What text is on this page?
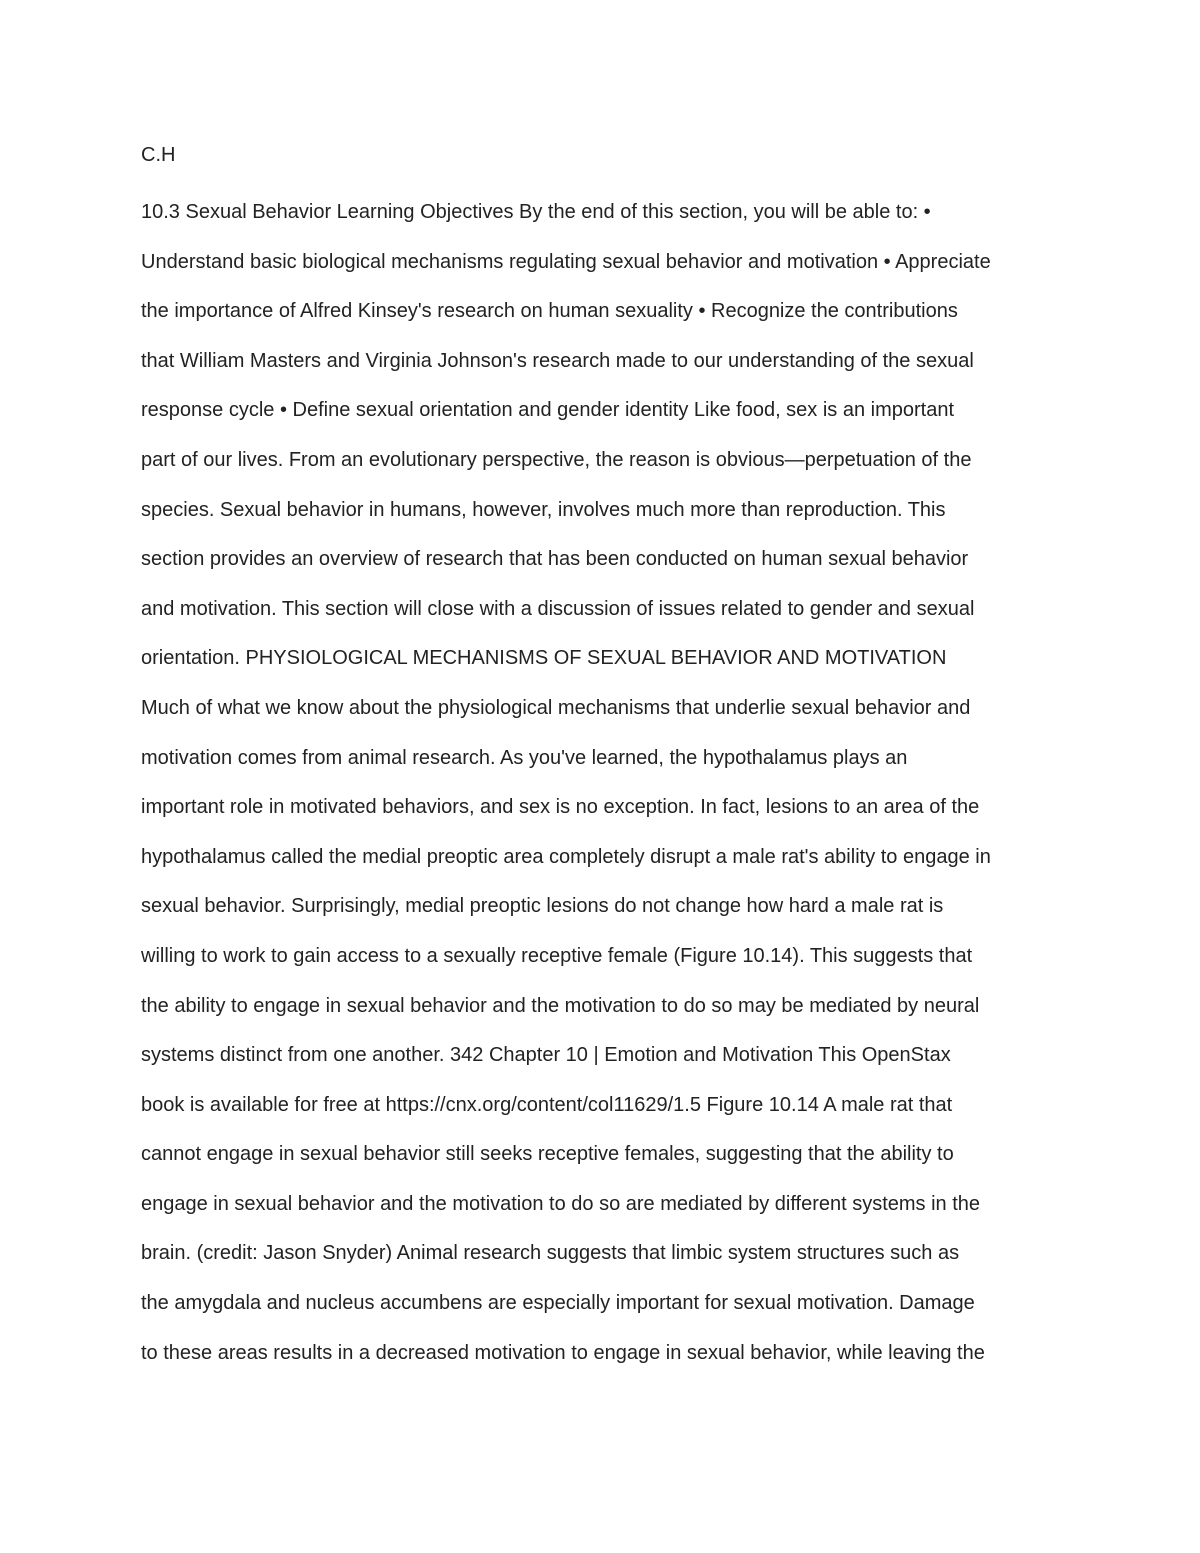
C.H

10.3 Sexual Behavior Learning Objectives By the end of this section, you will be able to: •
Understand basic biological mechanisms regulating sexual behavior and motivation • Appreciate
the importance of Alfred Kinsey's research on human sexuality • Recognize the contributions
that William Masters and Virginia Johnson's research made to our understanding of the sexual
response cycle • Define sexual orientation and gender identity Like food, sex is an important
part of our lives. From an evolutionary perspective, the reason is obvious—perpetuation of the
species. Sexual behavior in humans, however, involves much more than reproduction. This
section provides an overview of research that has been conducted on human sexual behavior
and motivation. This section will close with a discussion of issues related to gender and sexual
orientation. PHYSIOLOGICAL MECHANISMS OF SEXUAL BEHAVIOR AND MOTIVATION
Much of what we know about the physiological mechanisms that underlie sexual behavior and
motivation comes from animal research. As you've learned, the hypothalamus plays an
important role in motivated behaviors, and sex is no exception. In fact, lesions to an area of the
hypothalamus called the medial preoptic area completely disrupt a male rat's ability to engage in
sexual behavior. Surprisingly, medial preoptic lesions do not change how hard a male rat is
willing to work to gain access to a sexually receptive female (Figure 10.14). This suggests that
the ability to engage in sexual behavior and the motivation to do so may be mediated by neural
systems distinct from one another. 342 Chapter 10 | Emotion and Motivation This OpenStax
book is available for free at https://cnx.org/content/col11629/1.5 Figure 10.14 A male rat that
cannot engage in sexual behavior still seeks receptive females, suggesting that the ability to
engage in sexual behavior and the motivation to do so are mediated by different systems in the
brain. (credit: Jason Snyder) Animal research suggests that limbic system structures such as
the amygdala and nucleus accumbens are especially important for sexual motivation. Damage
to these areas results in a decreased motivation to engage in sexual behavior, while leaving the
